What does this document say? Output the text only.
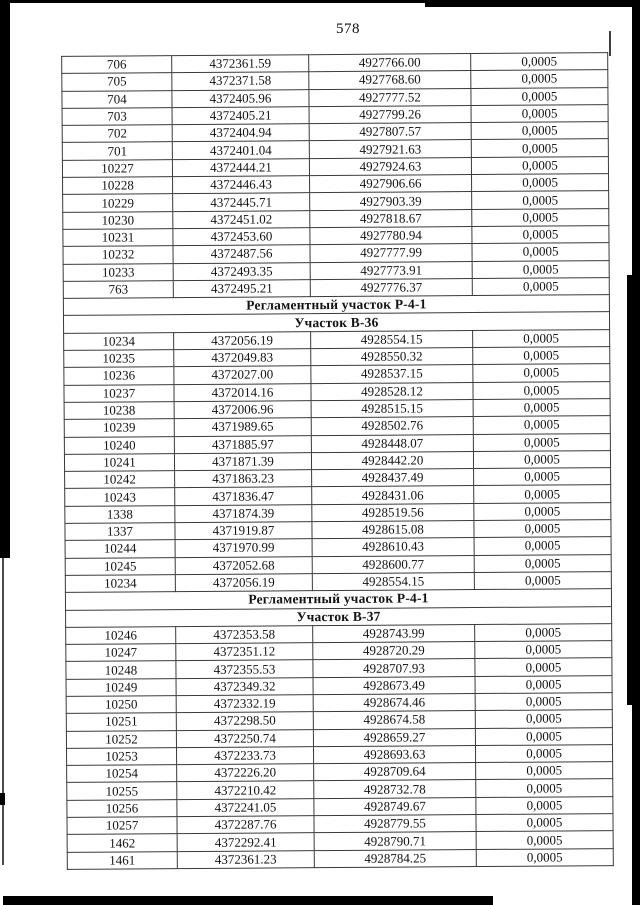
578
706	4372361.59	4927766.00	0,0005
705	4372371.58	4927768.60	0,0005
704	4372405.96	4927777.52	0,0005
703	4372405.21	4927799.26	0,0005
702	4372404.94	4927807.57	0,0005
701	4372401.04	4927921.63	0,0005
10227	4372444.21	4927924.63	0,0005
10228	4372446.43	4927906.66	0,0005
10229	4372445.71	4927903.39	0,0005
10230	4372451.02	4927818.67	0,0005
10231	4372453.60	4927780.94	0,0005
10232	4372487.56	4927777.99	0,0005
10233	4372493.35	4927773.91	0,0005
763	4372495.21	4927776.37	0,0005
Регламентный участок Р-4-1			
Участок В-36			
10234	4372056.19	4928554.15	0,0005
10235	4372049.83	4928550.32	0,0005
10236	4372027.00	4928537.15	0,0005
10237	4372014.16	4928528.12	0,0005
10238	4372006.96	4928515.15	0,0005
10239	4371989.65	4928502.76	0,0005
10240	4371885.97	4928448.07	0,0005
10241	4371871.39	4928442.20	0,0005
10242	4371863.23	4928437.49	0,0005
10243	4371836.47	4928431.06	0,0005
1338	4371874.39	4928519.56	0,0005
1337	4371919.87	4928615.08	0,0005
10244	4371970.99	4928610.43	0,0005
10245	4372052.68	4928600.77	0,0005
10234	4372056.19	4928554.15	0,0005
Регламентный участок Р-4-1			
Участок В-37			
10246	4372353.58	4928743.99	0,0005
10247	4372351.12	4928720.29	0,0005
10248	4372355.53	4928707.93	0,0005
10249	4372349.32	4928673.49	0,0005
10250	4372332.19	4928674.46	0,0005
10251	4372298.50	4928674.58	0,0005
10252	4372250.74	4928659.27	0,0005
10253	4372233.73	4928693.63	0,0005
10254	4372226.20	4928709.64	0,0005
10255	4372210.42	4928732.78	0,0005
10256	4372241.05	4928749.67	0,0005
10257	4372287.76	4928779.55	0,0005
1462	4372292.41	4928790.71	0,0005
1461	4372361.23	4928784.25	0,0005
